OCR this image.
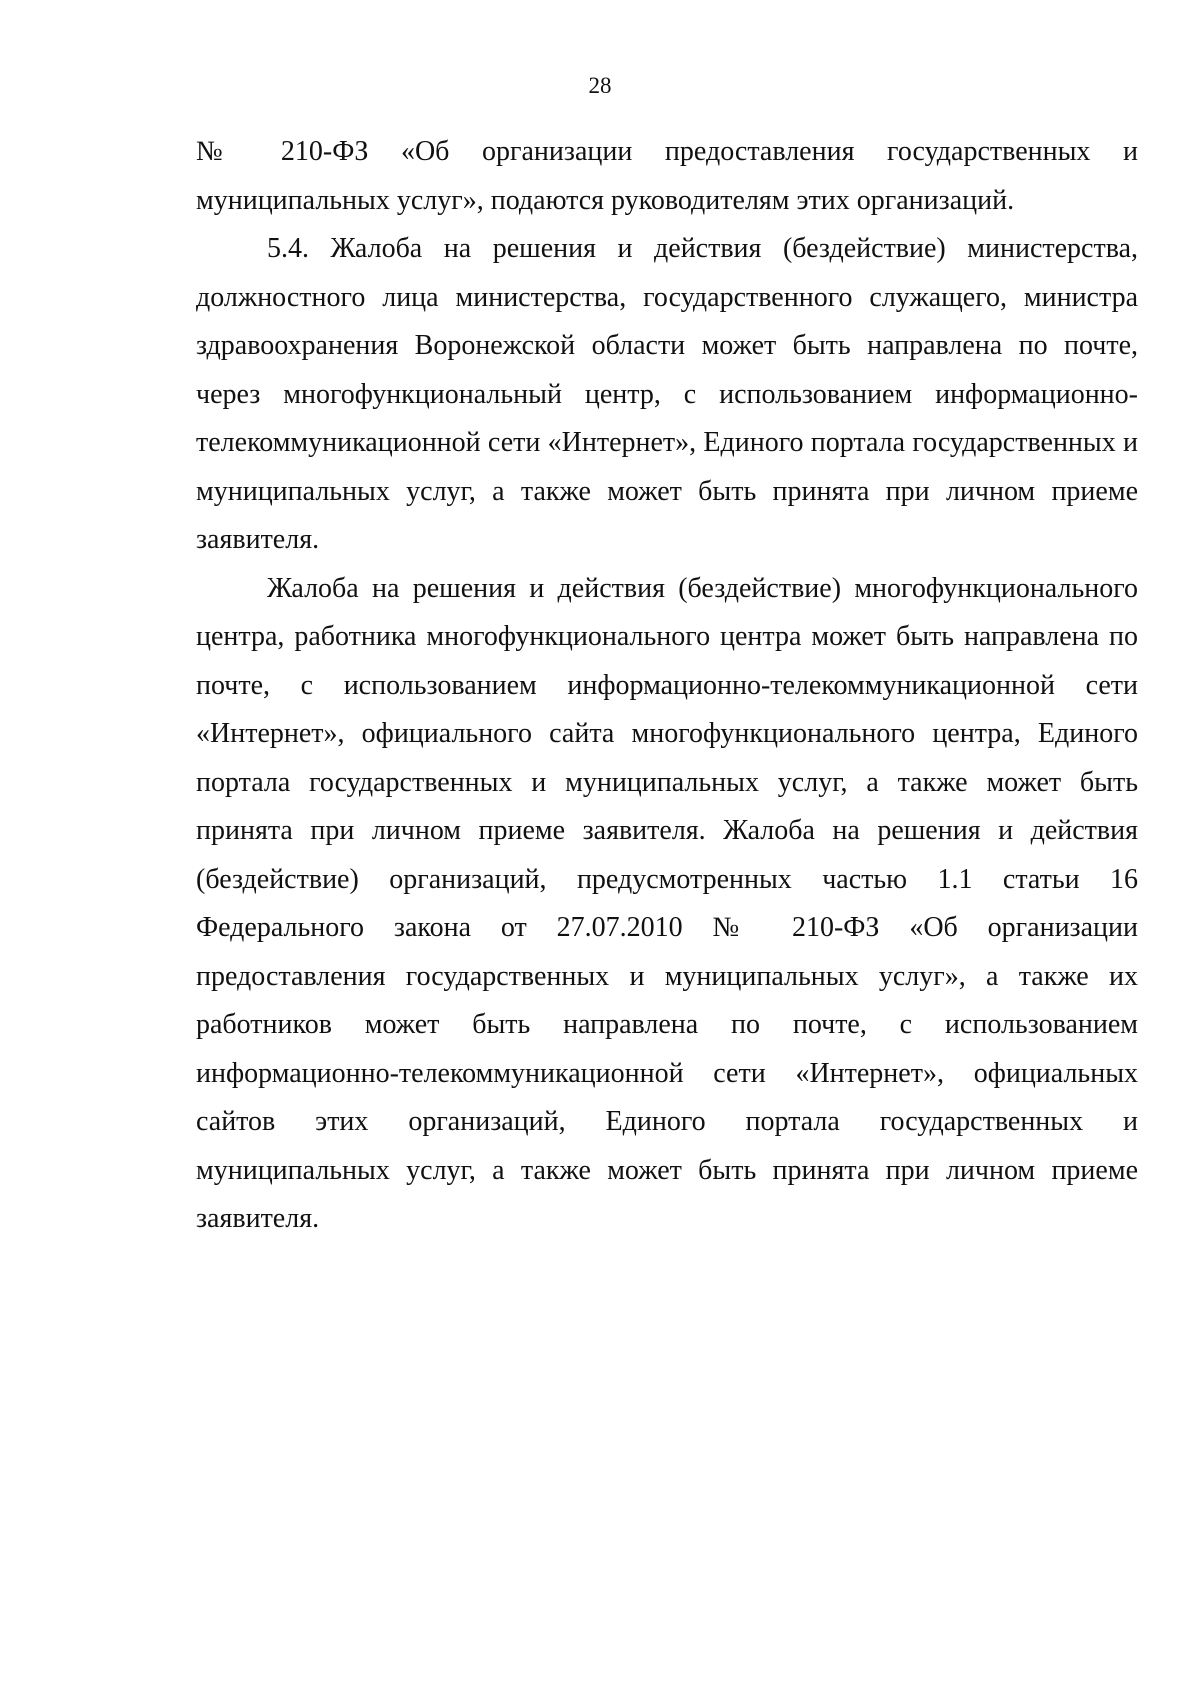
28

№ 210-ФЗ «Об организации предоставления государственных и муниципальных услуг», подаются руководителям этих организаций.

5.4. Жалоба на решения и действия (бездействие) министерства, должностного лица министерства, государственного служащего, министра здравоохранения Воронежской области может быть направлена по почте, через многофункциональный центр, с использованием информационно-телекоммуникационной сети «Интернет», Единого портала государственных и муниципальных услуг, а также может быть принята при личном приеме заявителя.

Жалоба на решения и действия (бездействие) многофункционального центра, работника многофункционального центра может быть направлена по почте, с использованием информационно-телекоммуникационной сети «Интернет», официального сайта многофункционального центра, Единого портала государственных и муниципальных услуг, а также может быть принята при личном приеме заявителя. Жалоба на решения и действия (бездействие) организаций, предусмотренных частью 1.1 статьи 16 Федерального закона от 27.07.2010 № 210-ФЗ «Об организации предоставления государственных и муниципальных услуг», а также их работников может быть направлена по почте, с использованием информационно-телекоммуникационной сети «Интернет», официальных сайтов этих организаций, Единого портала государственных и муниципальных услуг, а также может быть принята при личном приеме заявителя.
